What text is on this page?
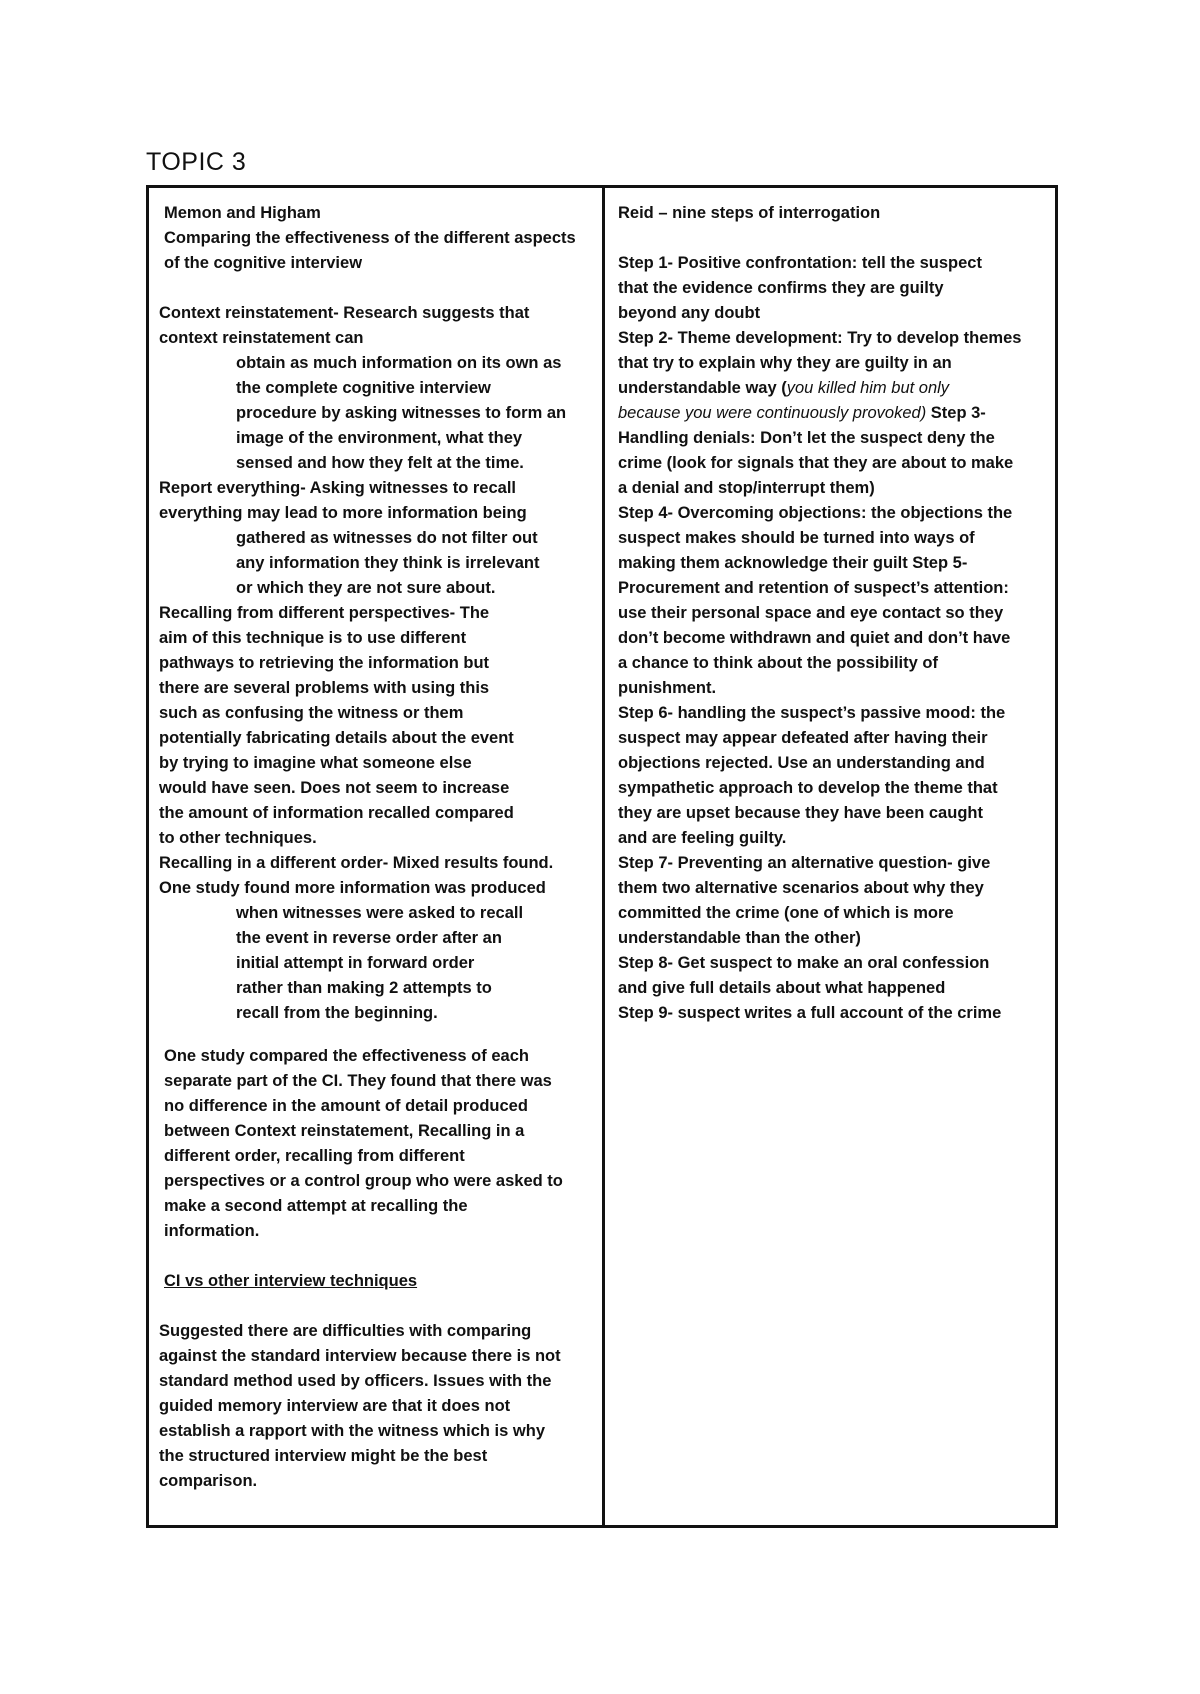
TOPIC 3
Memon and Higham
Comparing the effectiveness of the different aspects
of the cognitive interview
Context reinstatement- Research suggests that
context reinstatement can
obtain as much information on its own as
the complete cognitive interview
procedure by asking witnesses to form an
image of the environment, what they
sensed and how they felt at the time.
Report everything- Asking witnesses to recall
everything may lead to more information being
gathered as witnesses do not filter out
any information they think is irrelevant
or which they are not sure about.
Recalling from different perspectives- The
aim of this technique is to use different
pathways to retrieving the information but
there are several problems with using this
such as confusing the witness or them
potentially fabricating details about the event
by trying to imagine what someone else
would have seen. Does not seem to increase
the amount of information recalled compared
to other techniques.
Recalling in a different order- Mixed results found.
One study found more information was produced
when witnesses were asked to recall
the event in reverse order after an
initial attempt in forward order
rather than making 2 attempts to
recall from the beginning.
One study compared the effectiveness of each
separate part of the CI. They found that there was
no difference in the amount of detail produced
between Context reinstatement, Recalling in a
different order, recalling from different
perspectives or a control group who were asked to
make a second attempt at recalling the
information.
CI vs other interview techniques
Suggested there are difficulties with comparing
against the standard interview because there is not
standard method used by officers. Issues with the
guided memory interview are that it does not
establish a rapport with the witness which is why
the structured interview might be the best
comparison.
Reid – nine steps of interrogation
Step 1- Positive confrontation: tell the suspect
that the evidence confirms they are guilty
beyond any doubt
Step 2- Theme development: Try to develop themes
that try to explain why they are guilty in an
understandable way (you killed him but only
because you were continuously provoked) Step 3-
Handling denials: Don’t let the suspect deny the
crime (look for signals that they are about to make
a denial and stop/interrupt them)
Step 4- Overcoming objections: the objections the
suspect makes should be turned into ways of
making them acknowledge their guilt Step 5-
Procurement and retention of suspect’s attention:
use their personal space and eye contact so they
don’t become withdrawn and quiet and don’t have
a chance to think about the possibility of
punishment.
Step 6- handling the suspect’s passive mood: the
suspect may appear defeated after having their
objections rejected. Use an understanding and
sympathetic approach to develop the theme that
they are upset because they have been caught
and are feeling guilty.
Step 7- Preventing an alternative question- give
them two alternative scenarios about why they
committed the crime (one of which is more
understandable than the other)
Step 8- Get suspect to make an oral confession
and give full details about what happened
Step 9- suspect writes a full account of the crime
